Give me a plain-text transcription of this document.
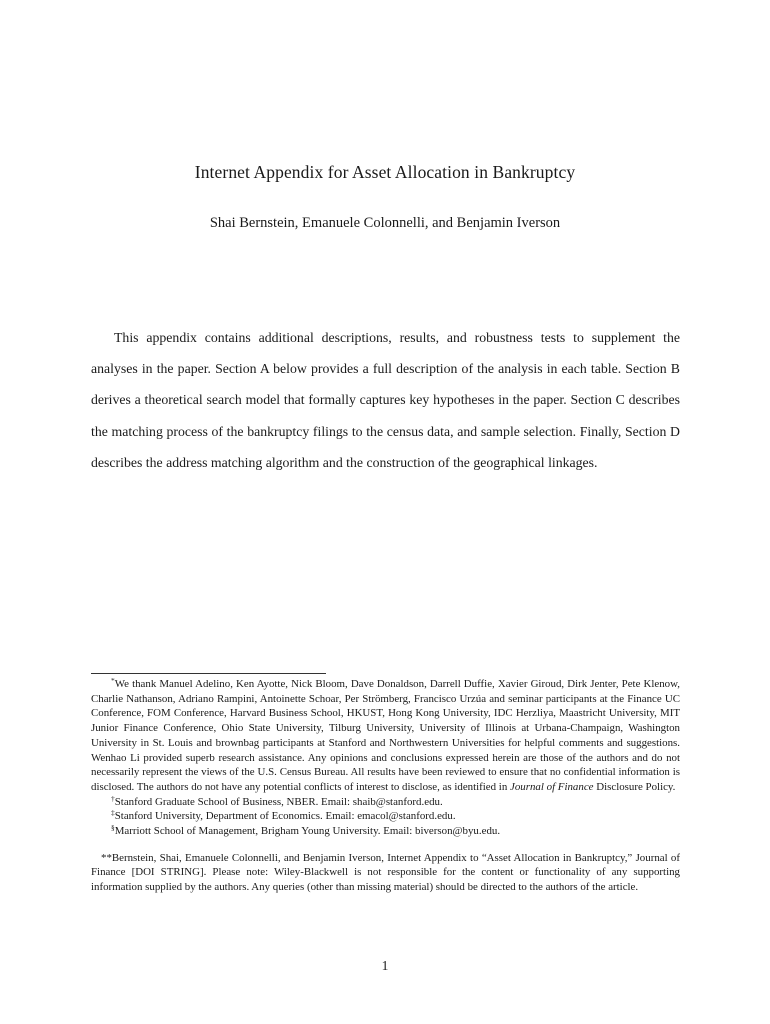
Internet Appendix for Asset Allocation in Bankruptcy
Shai Bernstein, Emanuele Colonnelli, and Benjamin Iverson

This appendix contains additional descriptions, results, and robustness tests to supplement the analyses in the paper. Section A below provides a full description of the analysis in each table. Section B derives a theoretical search model that formally captures key hypotheses in the paper. Section C describes the matching process of the bankruptcy filings to the census data, and sample selection. Finally, Section D describes the address matching algorithm and the construction of the geographical linkages.

*We thank Manuel Adelino, Ken Ayotte, Nick Bloom, Dave Donaldson, Darrell Duffie, Xavier Giroud, Dirk Jenter, Pete Klenow, Charlie Nathanson, Adriano Rampini, Antoinette Schoar, Per Strömberg, Francisco Urzúa and seminar participants at the Finance UC Conference, FOM Conference, Harvard Business School, HKUST, Hong Kong University, IDC Herzliya, Maastricht University, MIT Junior Finance Conference, Ohio State University, Tilburg University, University of Illinois at Urbana-Champaign, Washington University in St. Louis and brownbag participants at Stanford and Northwestern Universities for helpful comments and suggestions. Wenhao Li provided superb research assistance. Any opinions and conclusions expressed herein are those of the authors and do not necessarily represent the views of the U.S. Census Bureau. All results have been reviewed to ensure that no confidential information is disclosed. The authors do not have any potential conflicts of interest to disclose, as identified in Journal of Finance Disclosure Policy.

†Stanford Graduate School of Business, NBER. Email: shaib@stanford.edu.

‡Stanford University, Department of Economics. Email: emacol@stanford.edu.

§Marriott School of Management, Brigham Young University. Email: biverson@byu.edu.

**Bernstein, Shai, Emanuele Colonnelli, and Benjamin Iverson, Internet Appendix to “Asset Allocation in Bankruptcy,” Journal of Finance [DOI STRING]. Please note: Wiley-Blackwell is not responsible for the content or functionality of any supporting information supplied by the authors. Any queries (other than missing material) should be directed to the authors of the article.

1
